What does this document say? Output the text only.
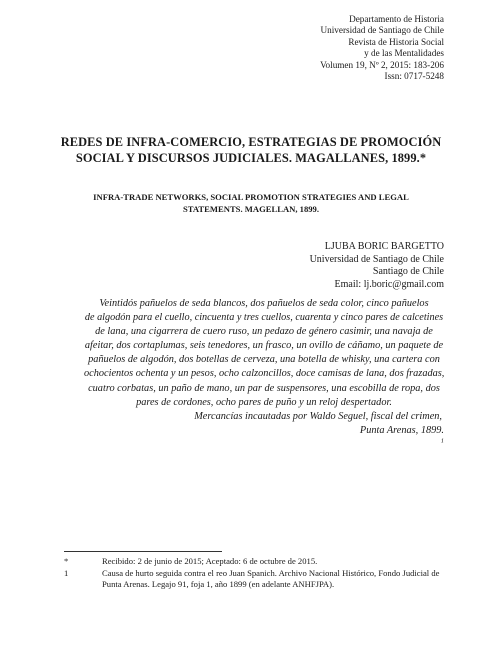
Departamento de Historia
Universidad de Santiago de Chile
Revista de Historia Social
y de las Mentalidades
Volumen 19, Nº 2, 2015: 183-206
Issn: 0717-5248
REDES DE INFRA-COMERCIO, ESTRATEGIAS DE PROMOCIÓN
SOCIAL Y DISCURSOS JUDICIALES. MAGALLANES, 1899.*
INFRA-TRADE NETWORKS, SOCIAL PROMOTION STRATEGIES AND LEGAL
STATEMENTS. MAGELLAN, 1899.
LJUBA BORIC BARGETTO
Universidad de Santiago de Chile
Santiago de Chile
Email: lj.boric@gmail.com
Veintidós pañuelos de seda blancos, dos pañuelos de seda color, cinco pañuelos
de algodón para el cuello, cincuenta y tres cuellos, cuarenta y cinco pares de calcetines
de lana, una cigarrera de cuero ruso, un pedazo de género casimir, una navaja de
afeitar, dos cortaplumas, seis tenedores, un frasco, un ovillo de cáñamo, un paquete de
pañuelos de algodón, dos botellas de cerveza, una botella de whisky, una cartera con
ochocientos ochenta y un pesos, ocho calzoncillos, doce camisas de lana, dos frazadas,
cuatro corbatas, un paño de mano, un par de suspensores, una escobilla de ropa, dos
pares de cordones, ocho pares de puño y un reloj despertador.
Mercancías incautadas por Waldo Seguel, fiscal del crimen,
Punta Arenas, 1899.
$^1$
*	Recibido: 2 de junio de 2015; Aceptado: 6 de octubre de 2015.
1	Causa de hurto seguida contra el reo Juan Spanich. Archivo Nacional Histórico, Fondo Judicial de Punta Arenas. Legajo 91, foja 1, año 1899 (en adelante ANHFJPA).
